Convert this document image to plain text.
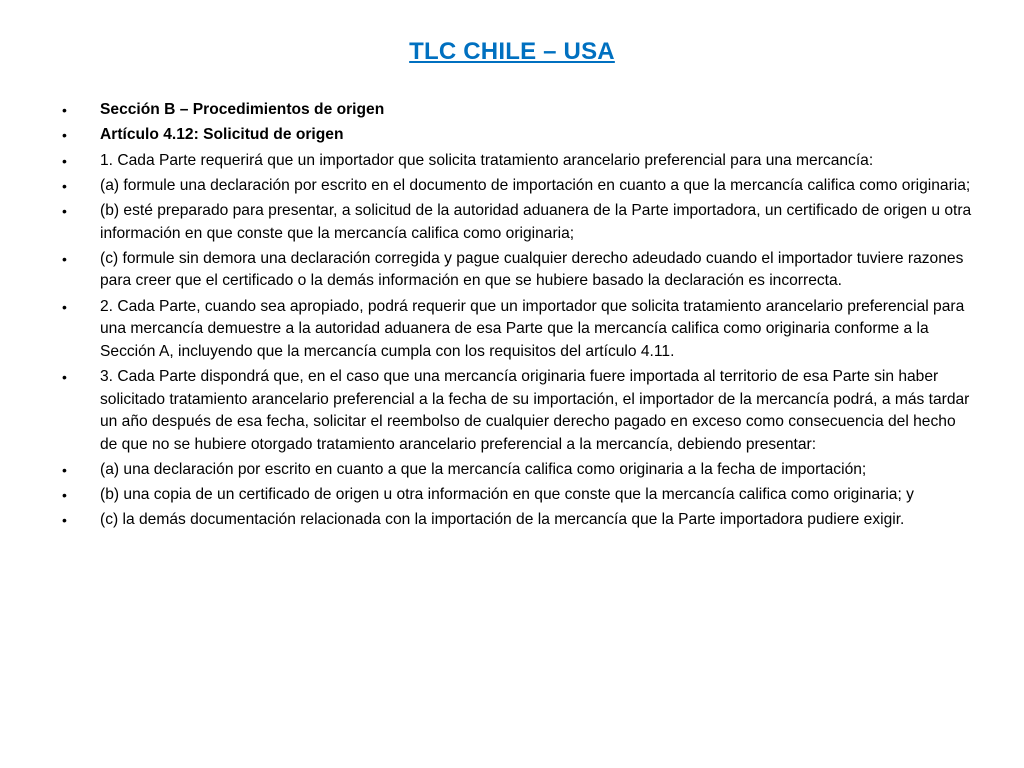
TLC CHILE – USA
•	Sección B – Procedimientos de origen
•	Artículo 4.12: Solicitud de origen
•	1. Cada Parte requerirá que un importador que solicita tratamiento arancelario preferencial para una mercancía:
•	(a) formule una declaración por escrito en el documento de importación en cuanto a que la mercancía califica como originaria;
•	(b) esté preparado para presentar, a solicitud de la autoridad aduanera de la Parte importadora, un certificado de origen u otra información en que conste que la mercancía califica como originaria;
•	(c) formule sin demora una declaración corregida y pague cualquier derecho adeudado cuando el importador tuviere razones para creer que el certificado o la demás información en que se hubiere basado la declaración es incorrecta.
•	2. Cada Parte, cuando sea apropiado, podrá requerir que un importador que solicita tratamiento arancelario preferencial para una mercancía demuestre a la autoridad aduanera de esa Parte que la mercancía califica como originaria conforme a la Sección A, incluyendo que la mercancía cumpla con los requisitos del artículo 4.11.
•	3. Cada Parte dispondrá que, en el caso que una mercancía originaria fuere importada al territorio de esa Parte sin haber solicitado tratamiento arancelario preferencial a la fecha de su importación, el importador de la mercancía podrá, a más tardar un año después de esa fecha, solicitar el reembolso de cualquier derecho pagado en exceso como consecuencia del hecho de que no se hubiere otorgado tratamiento arancelario preferencial a la mercancía, debiendo presentar:
•	(a) una declaración por escrito en cuanto a que la mercancía califica como originaria a la fecha de importación;
•	(b) una copia de un certificado de origen u otra información en que conste que la mercancía califica como originaria; y
•	(c) la demás documentación relacionada con la importación de la mercancía que la Parte importadora pudiere exigir.
